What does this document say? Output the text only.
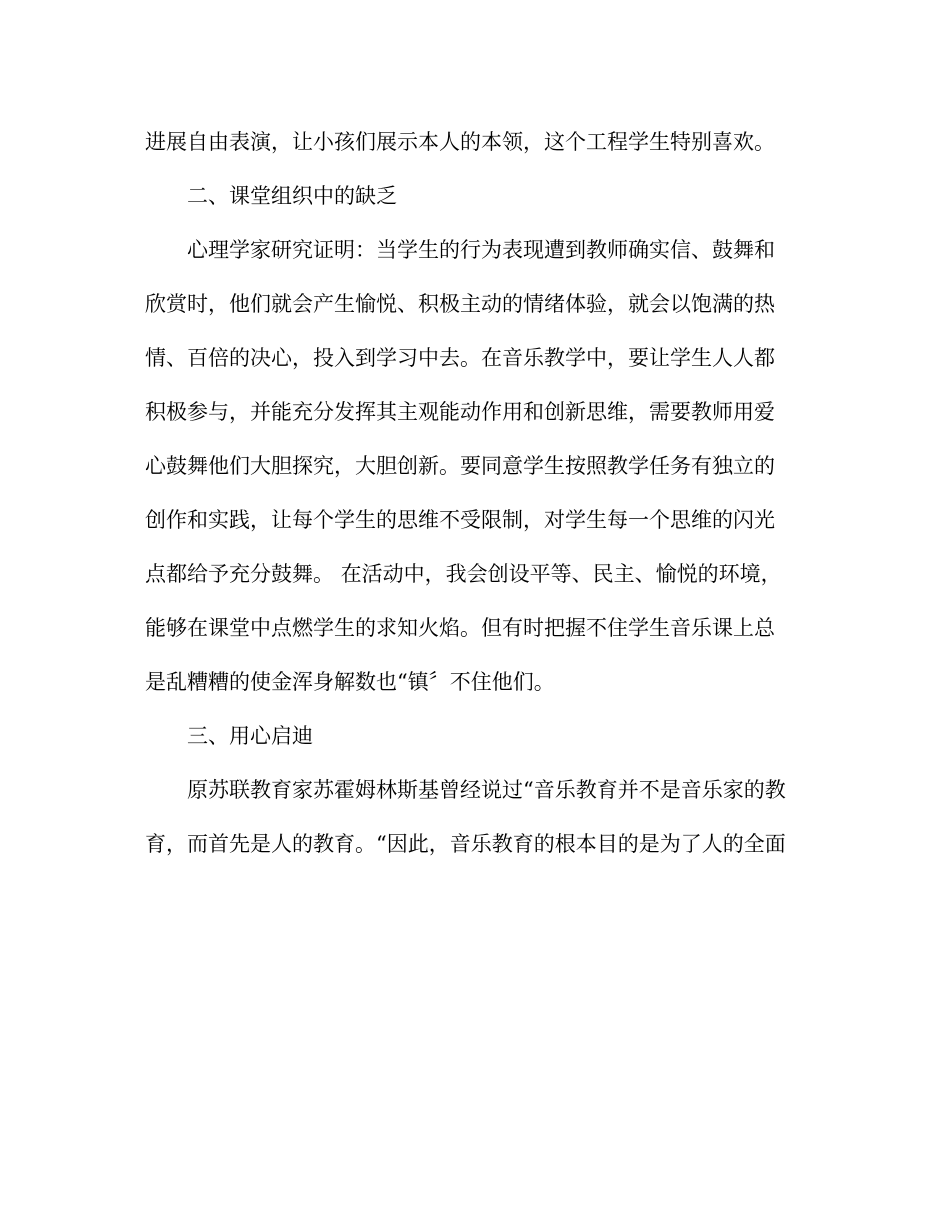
进展自由表演，让小孩们展示本人的本领，这个工程学生特别喜欢。
二、课堂组织中的缺乏
心理学家研究证明：当学生的行为表现遭到教师确实信、鼓舞和
欣赏时，他们就会产生愉悦、积极主动的情绪体验，就会以饱满的热
情、百倍的决心，投入到学习中去。在音乐教学中，要让学生人人都
积极参与，并能充分发挥其主观能动作用和创新思维，需要教师用爱
心鼓舞他们大胆探究，大胆创新。要同意学生按照教学任务有独立的
创作和实践，让每个学生的思维不受限制，对学生每一个思维的闪光
点都给予充分鼓舞。 在活动中，我会创设平等、民主、愉悦的环境，
能够在课堂中点燃学生的求知火焰。但有时把握不住学生音乐课上总
是乱糟糟的使金浑身解数也“镇〞不住他们。
三、用心启迪
原苏联教育家苏霍姆林斯基曾经说过“音乐教育并不是音乐家的教
育，而首先是人的教育。“因此，音乐教育的根本目的是为了人的全面
